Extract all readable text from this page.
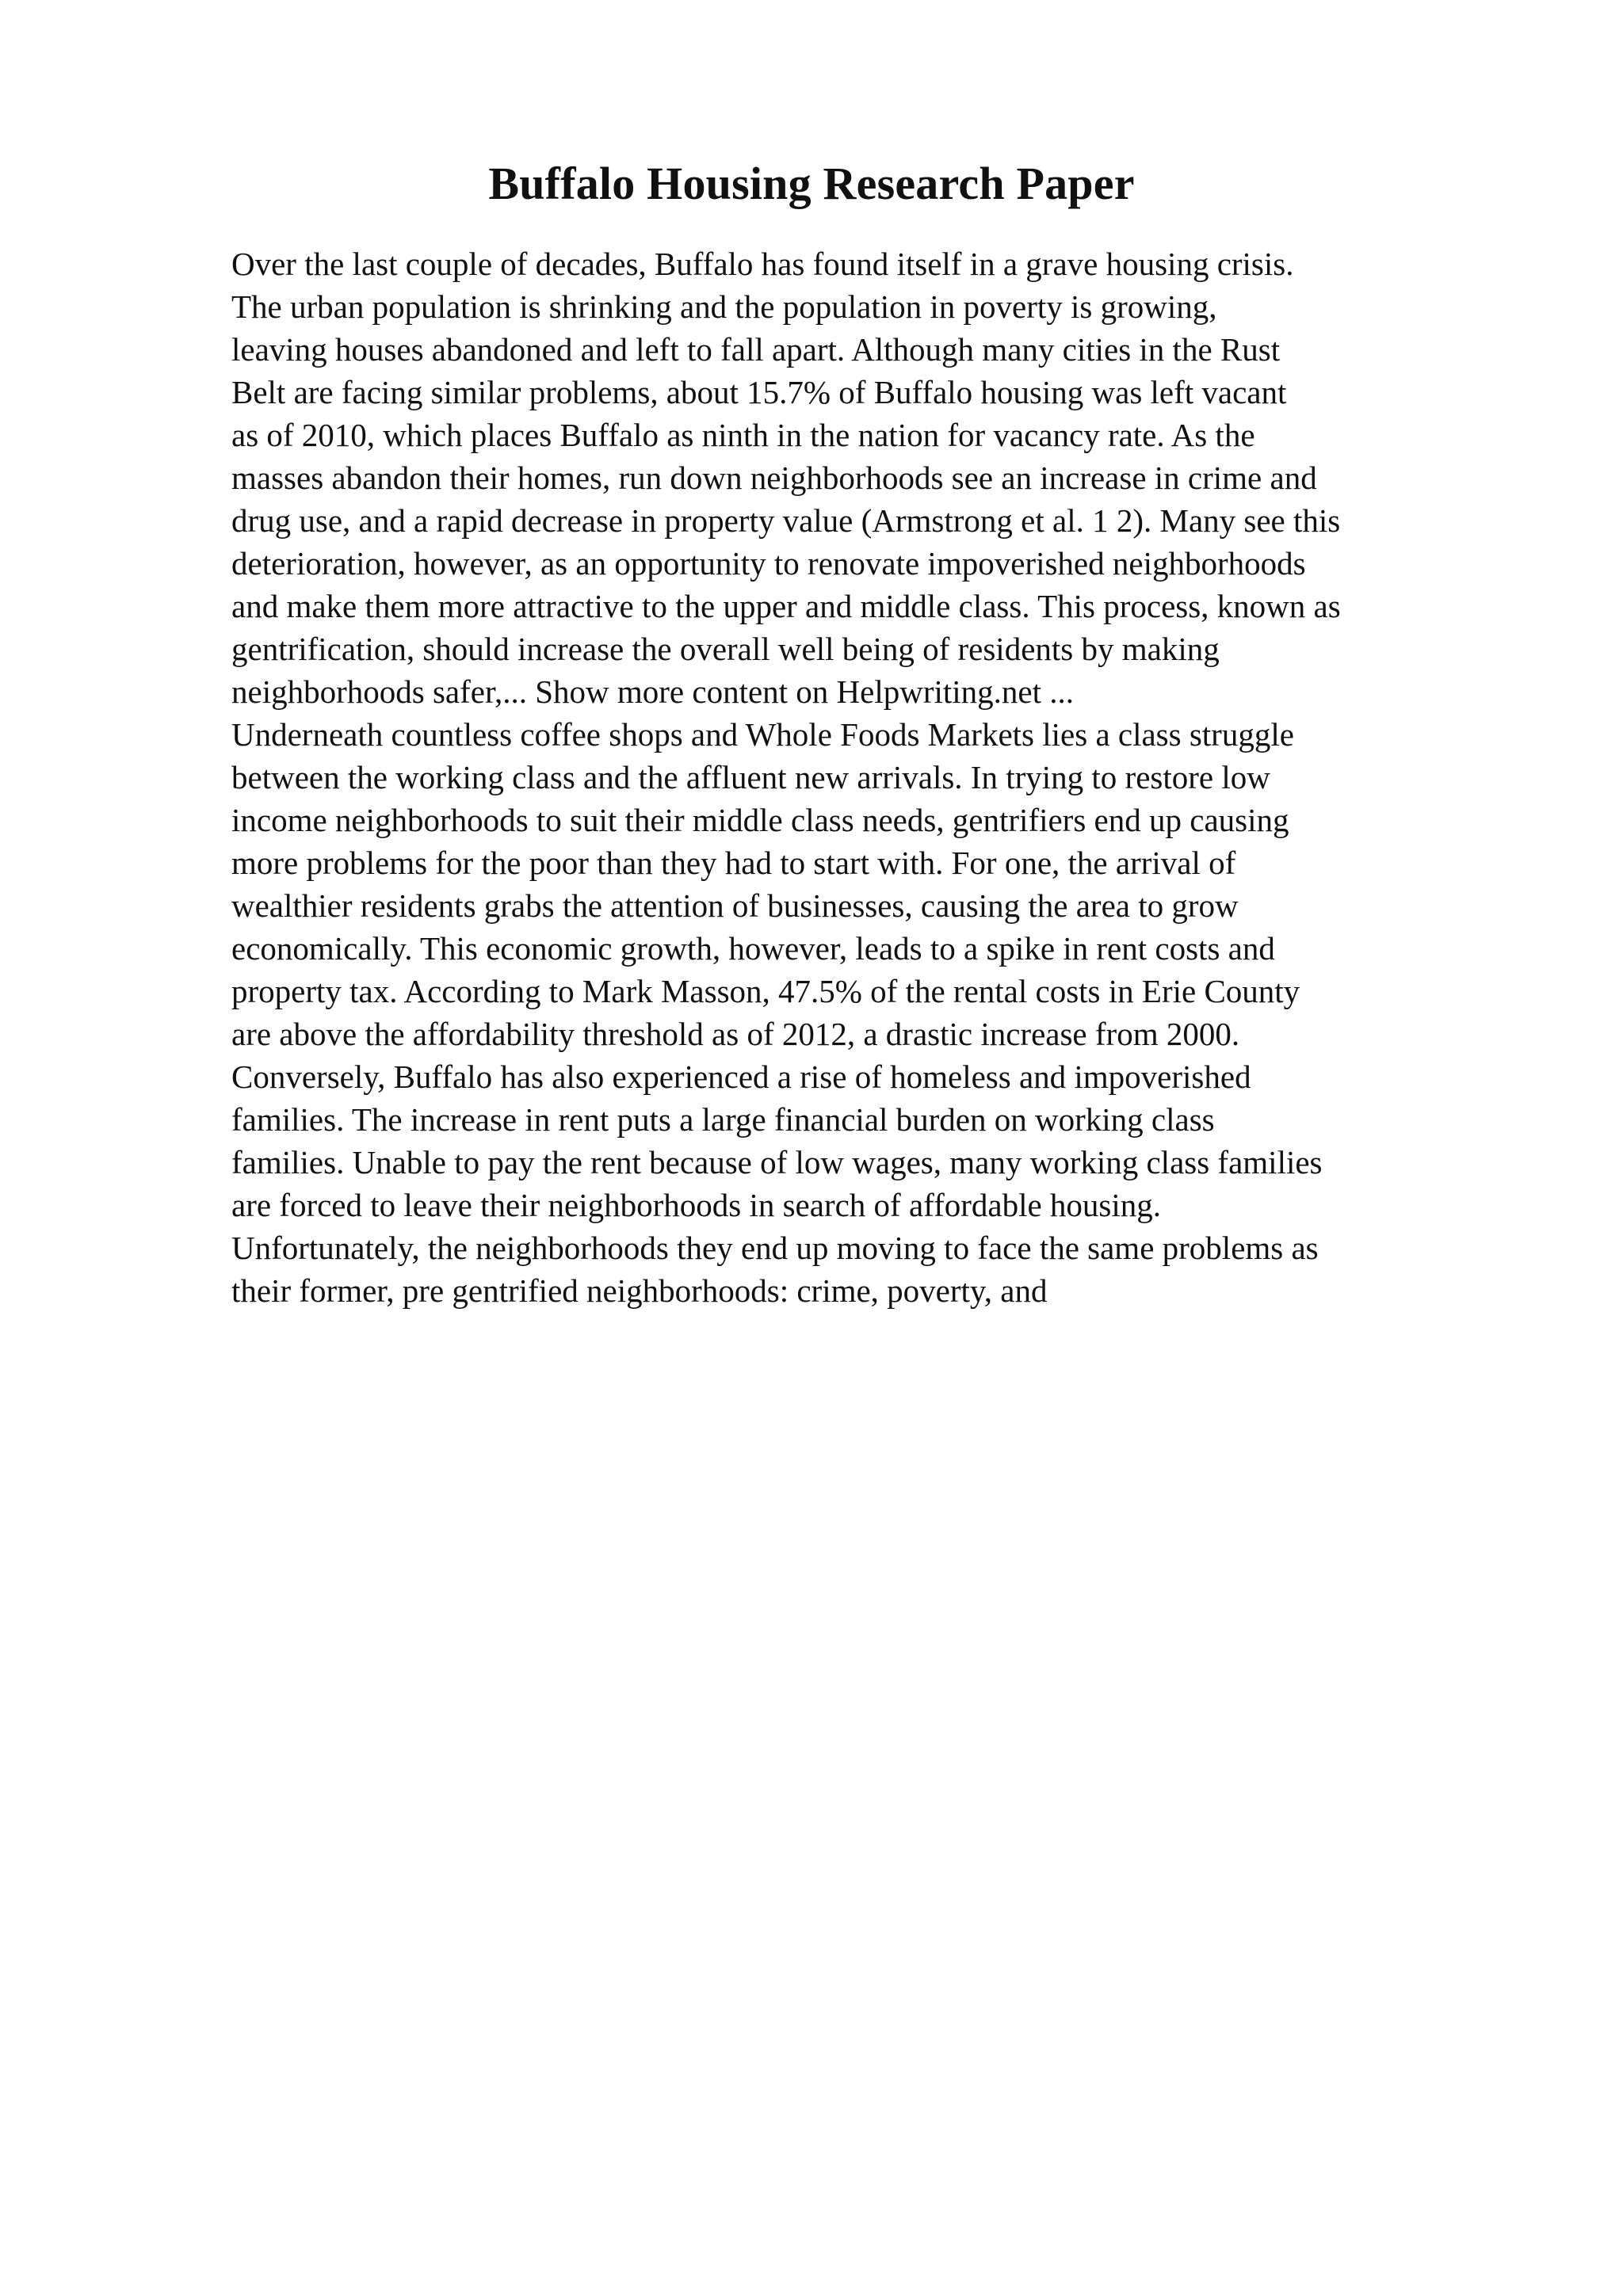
Buffalo Housing Research Paper
Over the last couple of decades, Buffalo has found itself in a grave housing crisis.
The urban population is shrinking and the population in poverty is growing,
leaving houses abandoned and left to fall apart. Although many cities in the Rust
Belt are facing similar problems, about 15.7% of Buffalo housing was left vacant
as of 2010, which places Buffalo as ninth in the nation for vacancy rate. As the
masses abandon their homes, run down neighborhoods see an increase in crime and
drug use, and a rapid decrease in property value (Armstrong et al. 1 2). Many see this
deterioration, however, as an opportunity to renovate impoverished neighborhoods
and make them more attractive to the upper and middle class. This process, known as
gentrification, should increase the overall well being of residents by making
neighborhoods safer,... Show more content on Helpwriting.net ...
Underneath countless coffee shops and Whole Foods Markets lies a class struggle
between the working class and the affluent new arrivals. In trying to restore low
income neighborhoods to suit their middle class needs, gentrifiers end up causing
more problems for the poor than they had to start with. For one, the arrival of
wealthier residents grabs the attention of businesses, causing the area to grow
economically. This economic growth, however, leads to a spike in rent costs and
property tax. According to Mark Masson, 47.5% of the rental costs in Erie County
are above the affordability threshold as of 2012, a drastic increase from 2000.
Conversely, Buffalo has also experienced a rise of homeless and impoverished
families. The increase in rent puts a large financial burden on working class
families. Unable to pay the rent because of low wages, many working class families
are forced to leave their neighborhoods in search of affordable housing.
Unfortunately, the neighborhoods they end up moving to face the same problems as
their former, pre gentrified neighborhoods: crime, poverty, and
